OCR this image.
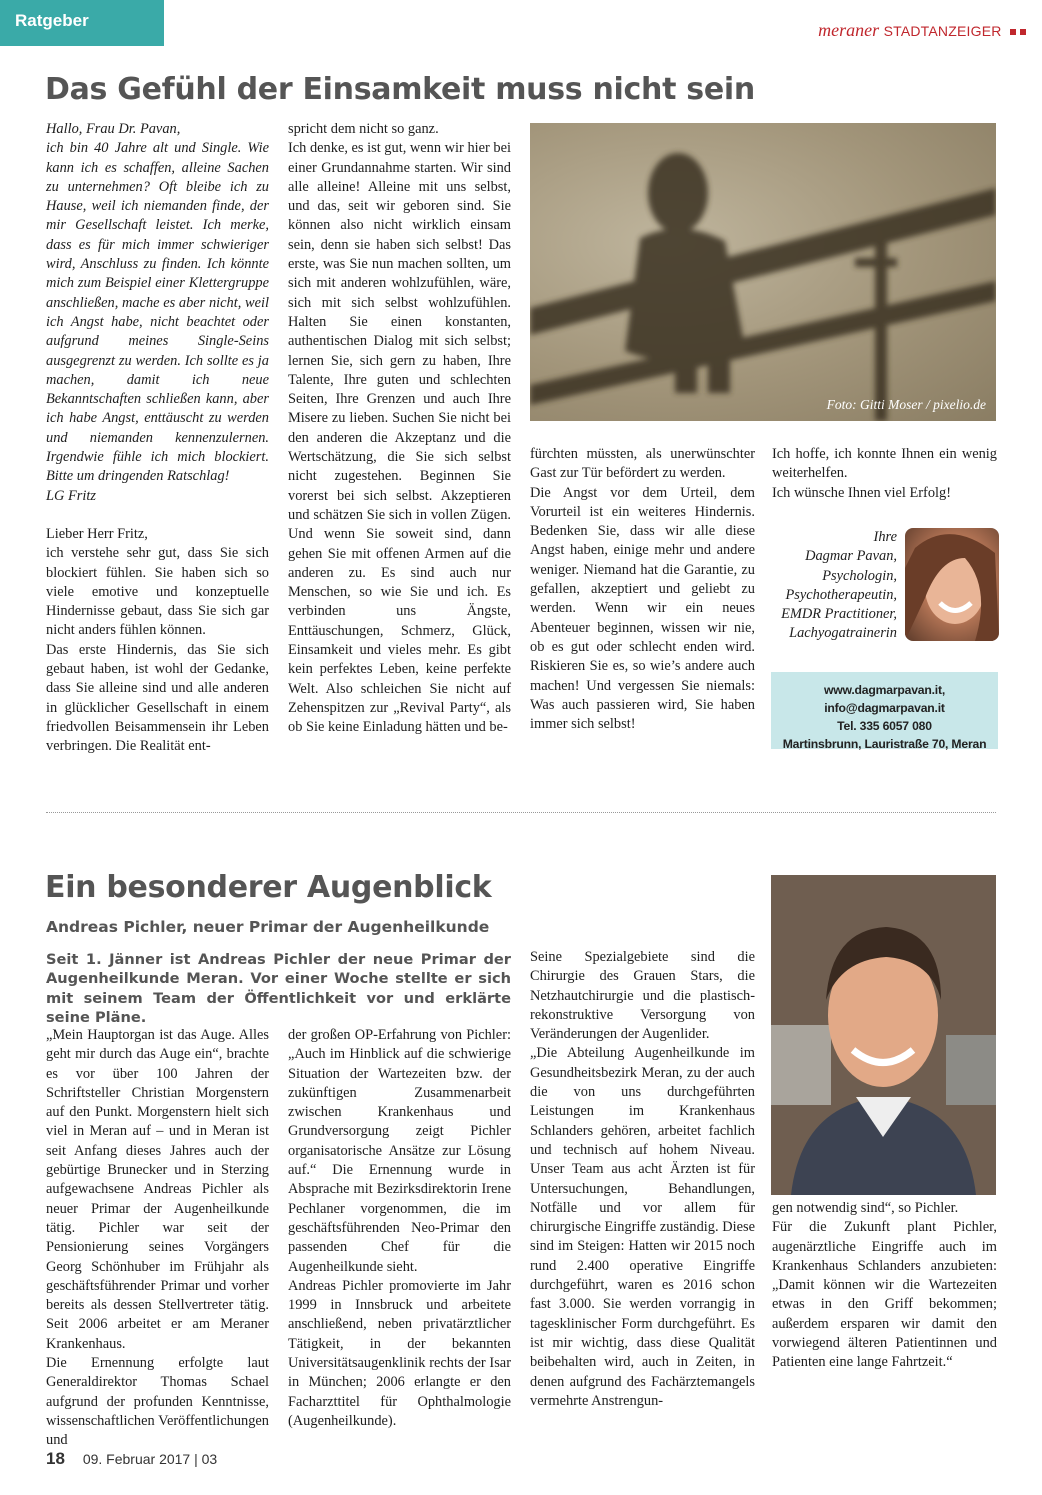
Ratgeber	meraner STADTANZEIGER
Das Gefühl der Einsamkeit muss nicht sein

Hallo, Frau Dr. Pavan,

ich bin 40 Jahre alt und Single. Wie kann ich es schaffen, alleine Sachen zu unternehmen? Oft bleibe ich zu Hause, weil ich niemanden finde, der mir Gesellschaft leistet. Ich merke, dass es für mich immer schwieriger wird, Anschluss zu finden. Ich könnte mich zum Beispiel einer Klettergruppe anschließen, mache es aber nicht, weil ich Angst habe, nicht beachtet oder aufgrund meines Single-Seins ausgegrenzt zu werden. Ich sollte es ja machen, damit ich neue Bekanntschaften schließen kann, aber ich habe Angst, enttäuscht zu werden und niemanden kennenzulernen. Irgendwie fühle ich mich blockiert. Bitte um dringenden Ratschlag!

LG Fritz

Lieber Herr Fritz,

ich verstehe sehr gut, dass Sie sich blockiert fühlen. Sie haben sich so viele emotive und konzeptuelle Hindernisse gebaut, dass Sie sich gar nicht anders fühlen können.

Das erste Hindernis, das Sie sich gebaut haben, ist wohl der Gedanke, dass Sie alleine sind und alle anderen in glücklicher Gesellschaft in einem friedvollen Beisammensein ihr Leben verbringen. Die Realität ent-

spricht dem nicht so ganz.

Ich denke, es ist gut, wenn wir hier bei einer Grundannahme starten. Wir sind alle alleine! Alleine mit uns selbst, und das, seit wir geboren sind. Sie können also nicht wirklich einsam sein, denn sie haben sich selbst! Das erste, was Sie nun machen sollten, um sich mit anderen wohlzufühlen, wäre, sich mit sich selbst wohlzufühlen. Halten Sie einen konstanten, authentischen Dialog mit sich selbst; lernen Sie, sich gern zu haben, Ihre Talente, Ihre guten und schlechten Seiten, Ihre Grenzen und auch Ihre Misere zu lieben. Suchen Sie nicht bei den anderen die Akzeptanz und die Wertschätzung, die Sie sich selbst nicht zugestehen. Beginnen Sie vorerst bei sich selbst. Akzeptieren und schätzen Sie sich in vollen Zügen. Und wenn Sie soweit sind, dann gehen Sie mit offenen Armen auf die anderen zu. Es sind auch nur Menschen, so wie Sie und ich. Es verbinden uns Ängste, Enttäuschungen, Schmerz, Glück, Einsamkeit und vieles mehr. Es gibt kein perfektes Leben, keine perfekte Welt. Also schleichen Sie nicht auf Zehenspitzen zur „Revival Party“, als ob Sie keine Einladung hätten und be-

Foto: Gitti Moser / pixelio.de

fürchten müssten, als unerwünschter Gast zur Tür befördert zu werden.

Die Angst vor dem Urteil, dem Vorurteil ist ein weiteres Hindernis. Bedenken Sie, dass wir alle diese Angst haben, einige mehr und andere weniger. Niemand hat die Garantie, zu gefallen, akzeptiert und geliebt zu werden. Wenn wir ein neues Abenteuer beginnen, wissen wir nie, ob es gut oder schlecht enden wird. Riskieren Sie es, so wie’s andere auch machen! Und vergessen Sie niemals: Was auch passieren wird, Sie haben immer sich selbst!

Ich hoffe, ich konnte Ihnen ein wenig weiterhelfen.

Ich wünsche Ihnen viel Erfolg!

Ihre
Dagmar Pavan,
Psychologin,
Psychotherapeutin,
EMDR Practitioner,
Lachyogatrainerin
www.dagmarpavan.it, info@dagmarpavan.it
Tel. 335 6057 080
Martinsbrunn, Lauristraße 70, Meran
Ein besonderer Augenblick
Andreas Pichler, neuer Primar der Augenheilkunde
Seit 1. Jänner ist Andreas Pichler der neue Primar der Augenheilkunde Meran. Vor einer Woche stellte er sich mit seinem Team der Öffentlichkeit vor und erklärte seine Pläne.

„Mein Hauptorgan ist das Auge. Alles geht mir durch das Auge ein“, brachte es vor über 100 Jahren der Schriftsteller Christian Morgenstern auf den Punkt. Morgenstern hielt sich viel in Meran auf – und in Meran ist seit Anfang dieses Jahres auch der gebürtige Brunecker und in Sterzing aufgewachsene Andreas Pichler als neuer Primar der Augenheilkunde tätig. Pichler war seit der Pensionierung seines Vorgängers Georg Schönhuber im Frühjahr als geschäftsführender Primar und vorher bereits als dessen Stellvertreter tätig. Seit 2006 arbeitet er am Meraner Krankenhaus.

Die Ernennung erfolgte laut Generaldirektor Thomas Schael aufgrund der profunden Kenntnisse, wissenschaftlichen Veröffentlichungen und

der großen OP-Erfahrung von Pichler: „Auch im Hinblick auf die schwierige Situation der Wartezeiten bzw. der zukünftigen Zusammenarbeit zwischen Krankenhaus und Grundversorgung zeigt Pichler organisatorische Ansätze zur Lösung auf.“ Die Ernennung wurde in Absprache mit Bezirksdirektorin Irene Pechlaner vorgenommen, die im geschäftsführenden Neo-Primar den passenden Chef für die Augenheilkunde sieht.

Andreas Pichler promovierte im Jahr 1999 in Innsbruck und arbeitete anschließend, neben privatärztlicher Tätigkeit, in der bekannten Universitätsaugenklinik rechts der Isar in München; 2006 erlangte er den Facharzttitel für Ophthalmologie (Augenheilkunde).

Seine Spezialgebiete sind die Chirurgie des Grauen Stars, die Netzhautchirurgie und die plastisch-rekonstruktive Versorgung von Veränderungen der Augenlider.

„Die Abteilung Augenheilkunde im Gesundheitsbezirk Meran, zu der auch die von uns durchgeführten Leistungen im Krankenhaus Schlanders gehören, arbeitet fachlich und technisch auf hohem Niveau. Unser Team aus acht Ärzten ist für Untersuchungen, Behandlungen, Notfälle und vor allem für chirurgische Eingriffe zuständig. Diese sind im Steigen: Hatten wir 2015 noch rund 2.400 operative Eingriffe durchgeführt, waren es 2016 schon fast 3.000. Sie werden vorrangig in tagesklinischer Form durchgeführt. Es ist mir wichtig, dass diese Qualität beibehalten wird, auch in Zeiten, in denen aufgrund des Fachärztemangels vermehrte Anstrengun-

gen notwendig sind“, so Pichler.

Für die Zukunft plant Pichler, augenärztliche Eingriffe auch im Krankenhaus Schlanders anzubieten: „Damit können wir die Wartezeiten etwas in den Griff bekommen; außerdem ersparen wir damit den vorwiegend älteren Patientinnen und Patienten eine lange Fahrtzeit.“

18 09. Februar 2017 | 03
